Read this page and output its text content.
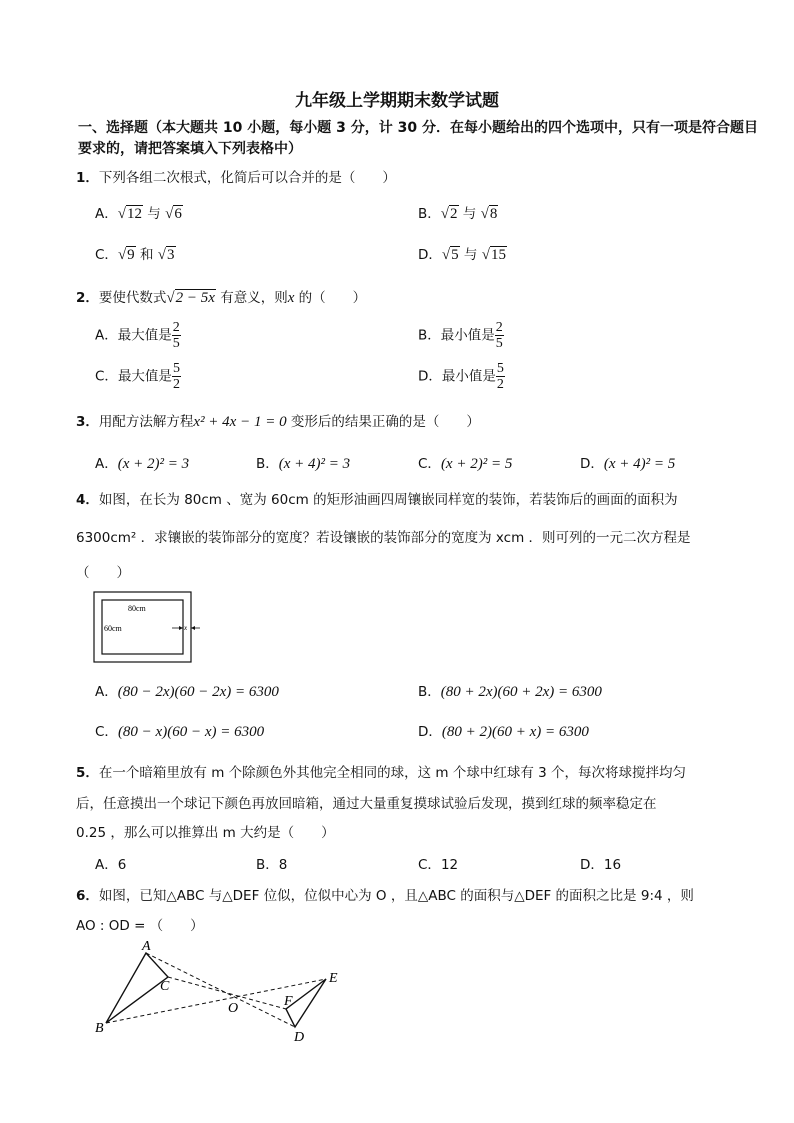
九年级上学期期末数学试题
一、选择题（本大题共 10 小题，每小题 3 分，计 30 分．在每小题给出的四个选项中，只有一项是符合题目要求的，请把答案填入下列表格中）
1．下列各组二次根式，化简后可以合并的是（　　）
A．√12 与 √6	B．√2 与 √8
C．√9 和 √3	D．√5 与 √15
2．要使代数式√2 − 5x 有意义，则x 的（　　）
A．最大值是 $\frac{2}{5}$	B．最小值是 $\frac{2}{5}$
C．最大值是 $\frac{5}{2}$	D．最小值是 $\frac{5}{2}$
3．用配方法解方程x² + 4x − 1 = 0 变形后的结果正确的是（　　）
A．(x + 2)² = 3	B．(x + 4)² = 3	C．(x + 2)² = 5	D．(x + 4)² = 5
4．如图，在长为 80cm 、宽为 60cm 的矩形油画四周镶嵌同样宽的装饰，若装饰后的画面的面积为
6300cm² ．求镶嵌的装饰部分的宽度？若设镶嵌的装饰部分的宽度为 xcm ．则可列的一元二次方程是
（　　）
80cm
60cm	x
A．(80 − 2x)(60 − 2x) = 6300	B．(80 + 2x)(60 + 2x) = 6300
C．(80 − x)(60 − x) = 6300	D．(80 + 2)(60 + x) = 6300
5．在一个暗箱里放有 m 个除颜色外其他完全相同的球，这 m 个球中红球有 3 个，每次将球搅拌均匀
后，任意摸出一个球记下颜色再放回暗箱，通过大量重复摸球试验后发现，摸到红球的频率稳定在
0.25 ，那么可以推算出 m 大约是（　　）
A．6	B．8	C．12	D．16
6．如图，已知△ABC 与△DEF 位似，位似中心为 O ，且△ABC 的面积与△DEF 的面积之比是 9:4 ，则
AO : OD = （　　）
A
B
C
O
E
F
D
